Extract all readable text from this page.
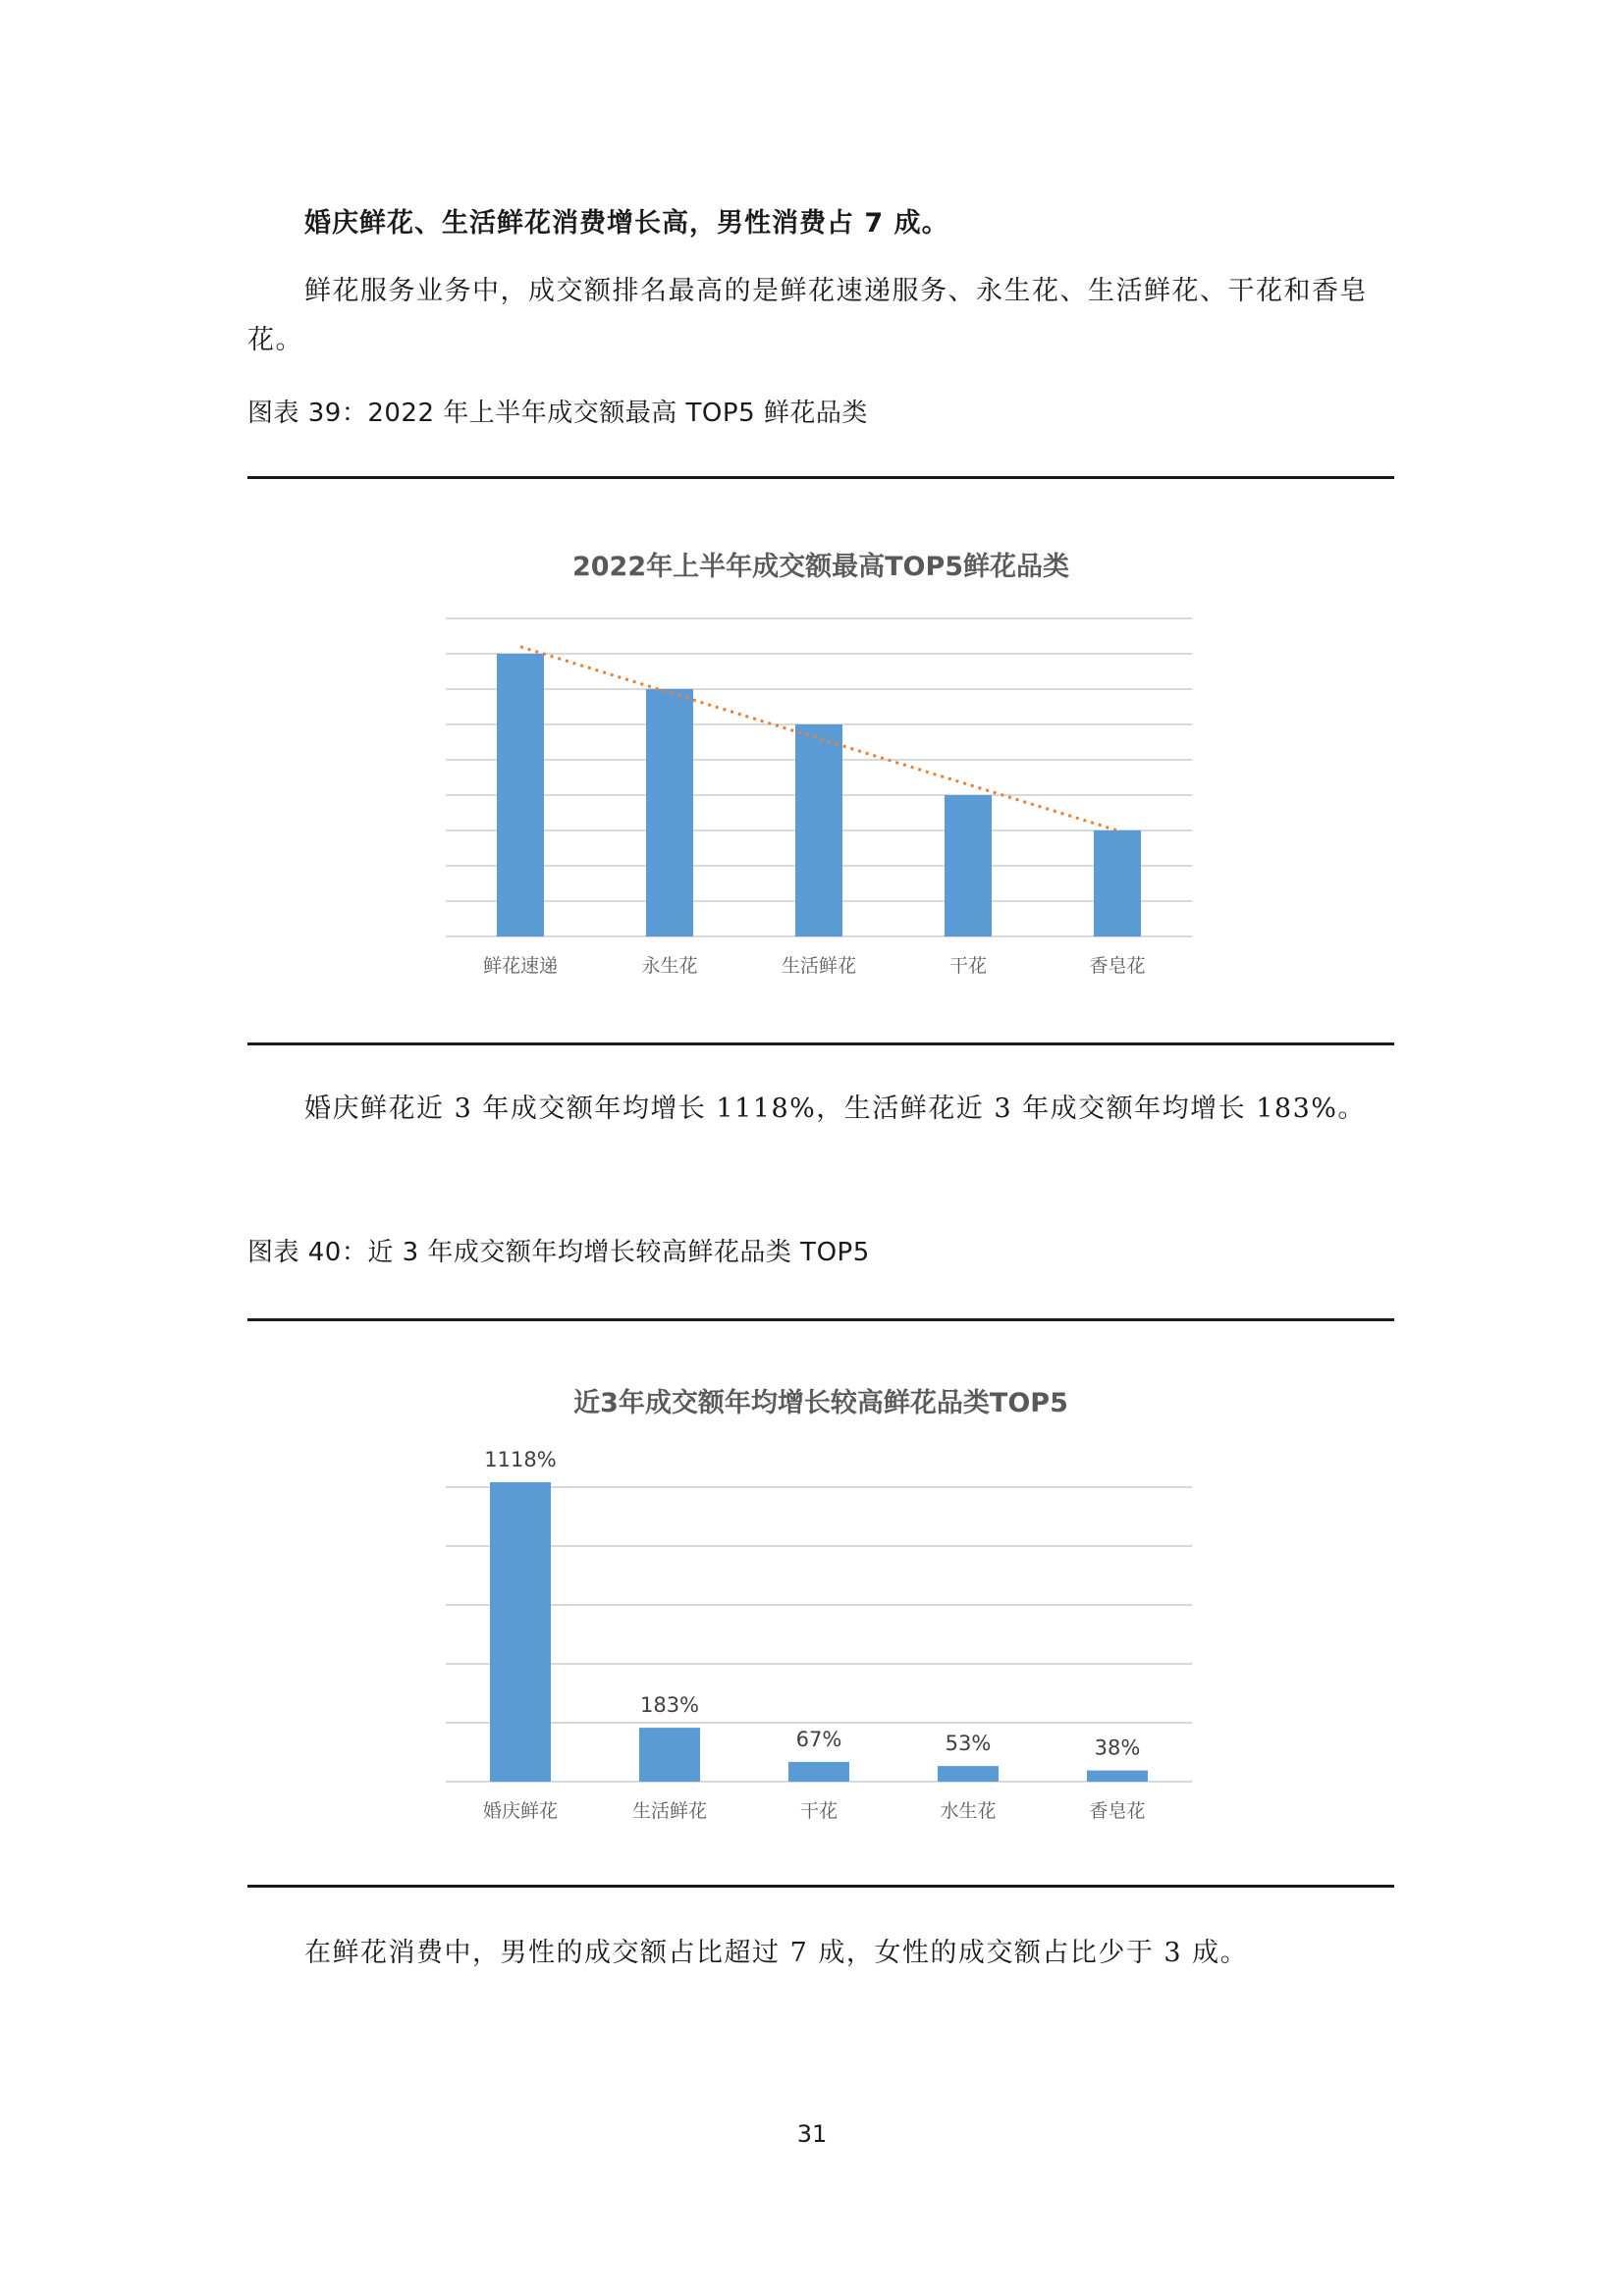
婚庆鲜花、生活鲜花消费增长高，男性消费占 7 成。
鲜花服务业务中，成交额排名最高的是鲜花速递服务、永生花、生活鲜花、干花和香皂花。
图表 39：2022 年上半年成交额最高 TOP5 鲜花品类
2022年上半年成交额最高TOP5鲜花品类
鲜花速递	永生花	生活鲜花	干花	香皂花
婚庆鲜花近 3 年成交额年均增长 1118%，生活鲜花近 3 年成交额年均增长 183%。
图表 40：近 3 年成交额年均增长较高鲜花品类 TOP5
近3年成交额年均增长较高鲜花品类TOP5
婚庆鲜花
1118%
生活鲜花
183%
干花
67%
水生花
53%
香皂花
38%
在鲜花消费中，男性的成交额占比超过 7 成，女性的成交额占比少于 3 成。
31
